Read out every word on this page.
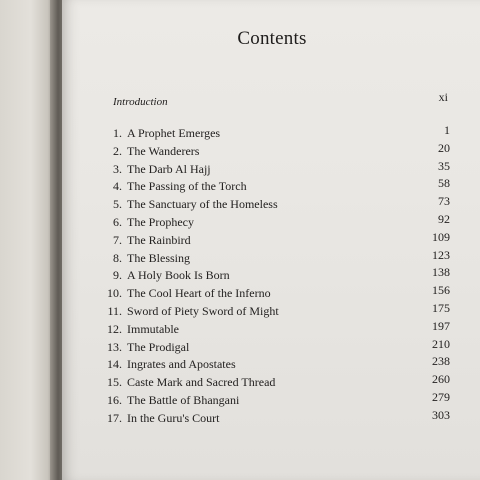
Contents
Introduction	xi
1. A Prophet Emerges	1
2. The Wanderers	20
3. The Darb Al Hajj	35
4. The Passing of the Torch	58
5. The Sanctuary of the Homeless	73
6. The Prophecy	92
7. The Rainbird	109
8. The Blessing	123
9. A Holy Book Is Born	138
10. The Cool Heart of the Inferno	156
11. Sword of Piety Sword of Might	175
12. Immutable	197
13. The Prodigal	210
14. Ingrates and Apostates	238
15. Caste Mark and Sacred Thread	260
16. The Battle of Bhangani	279
17. In the Guru's Court	303
